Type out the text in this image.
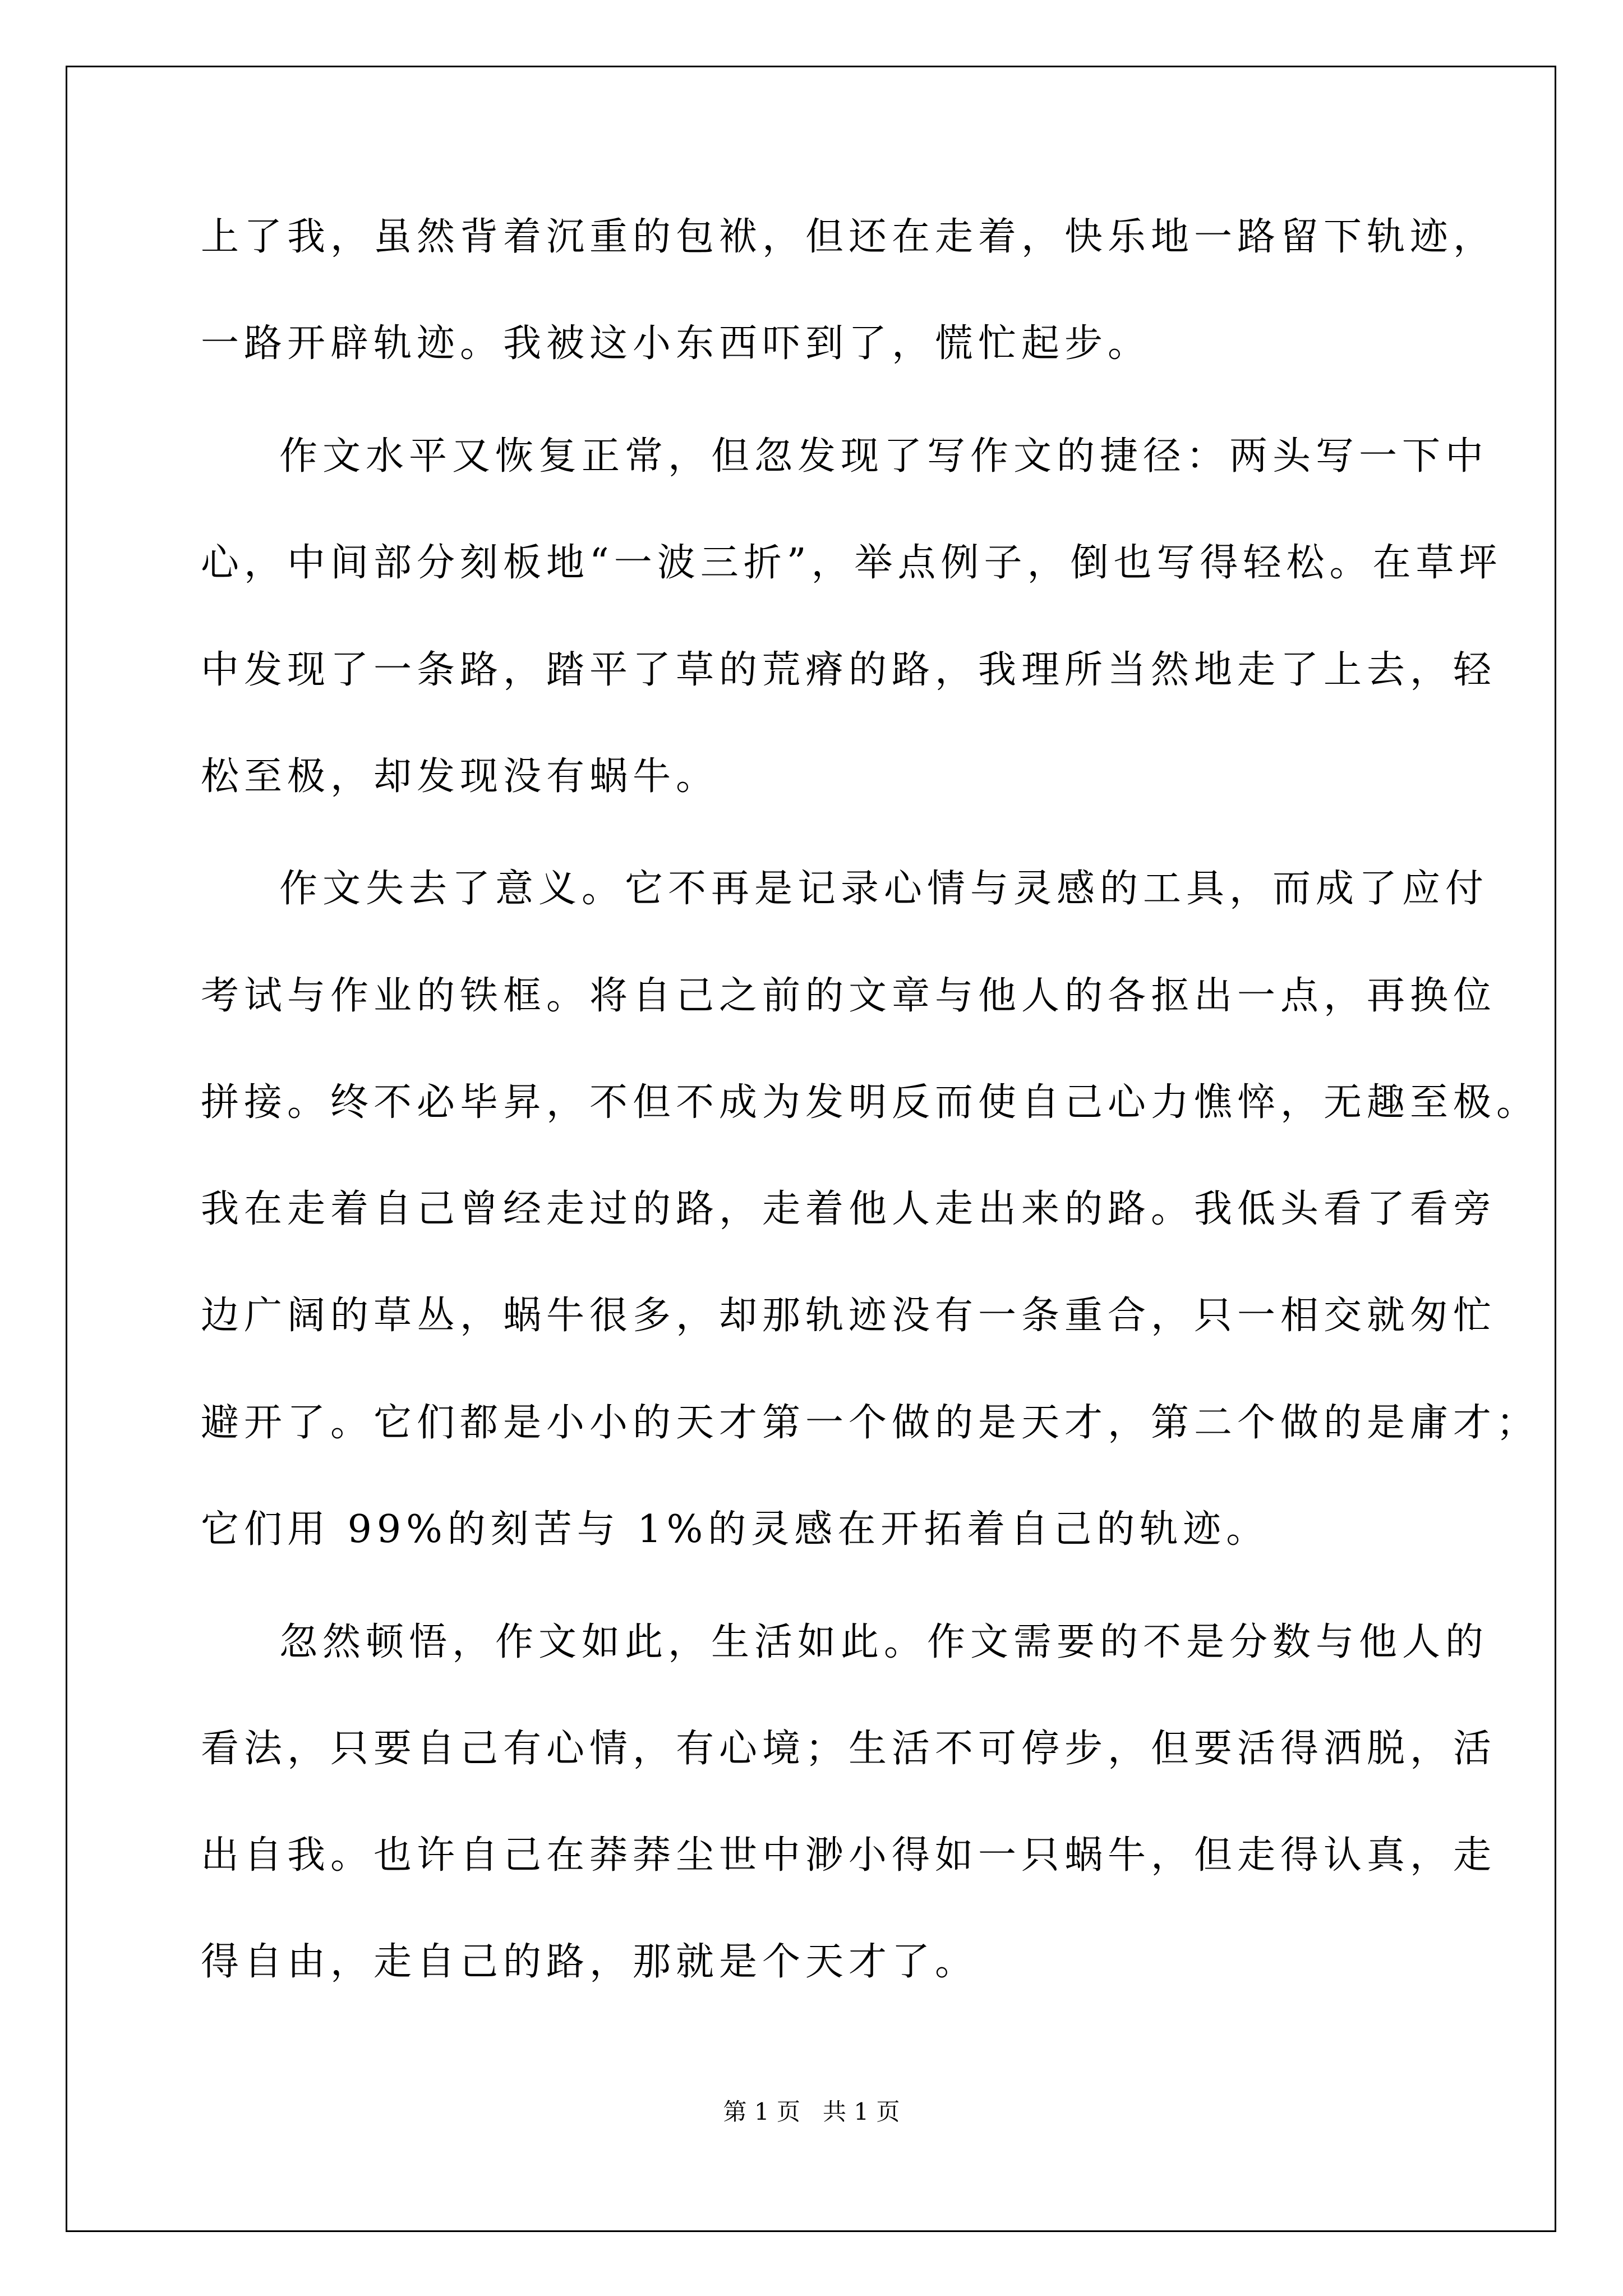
上了我，虽然背着沉重的包袱，但还在走着，快乐地一路留下轨迹，
一路开辟轨迹。我被这小东西吓到了，慌忙起步。
作文水平又恢复正常，但忽发现了写作文的捷径：两头写一下中
心，中间部分刻板地“一波三折”，举点例子，倒也写得轻松。在草坪
中发现了一条路，踏平了草的荒瘠的路，我理所当然地走了上去，轻
松至极，却发现没有蜗牛。
作文失去了意义。它不再是记录心情与灵感的工具，而成了应付
考试与作业的铁框。将自己之前的文章与他人的各抠出一点，再换位
拼接。终不必毕昇，不但不成为发明反而使自己心力憔悴，无趣至极。
我在走着自己曾经走过的路，走着他人走出来的路。我低头看了看旁
边广阔的草丛，蜗牛很多，却那轨迹没有一条重合，只一相交就匆忙
避开了。它们都是小小的天才第一个做的是天才，第二个做的是庸才；
它们用 99%的刻苦与 1%的灵感在开拓着自己的轨迹。
忽然顿悟，作文如此，生活如此。作文需要的不是分数与他人的
看法，只要自己有心情，有心境；生活不可停步，但要活得洒脱，活
出自我。也许自己在莽莽尘世中渺小得如一只蜗牛，但走得认真，走
得自由，走自己的路，那就是个天才了。
第 1 页   共 1 页
